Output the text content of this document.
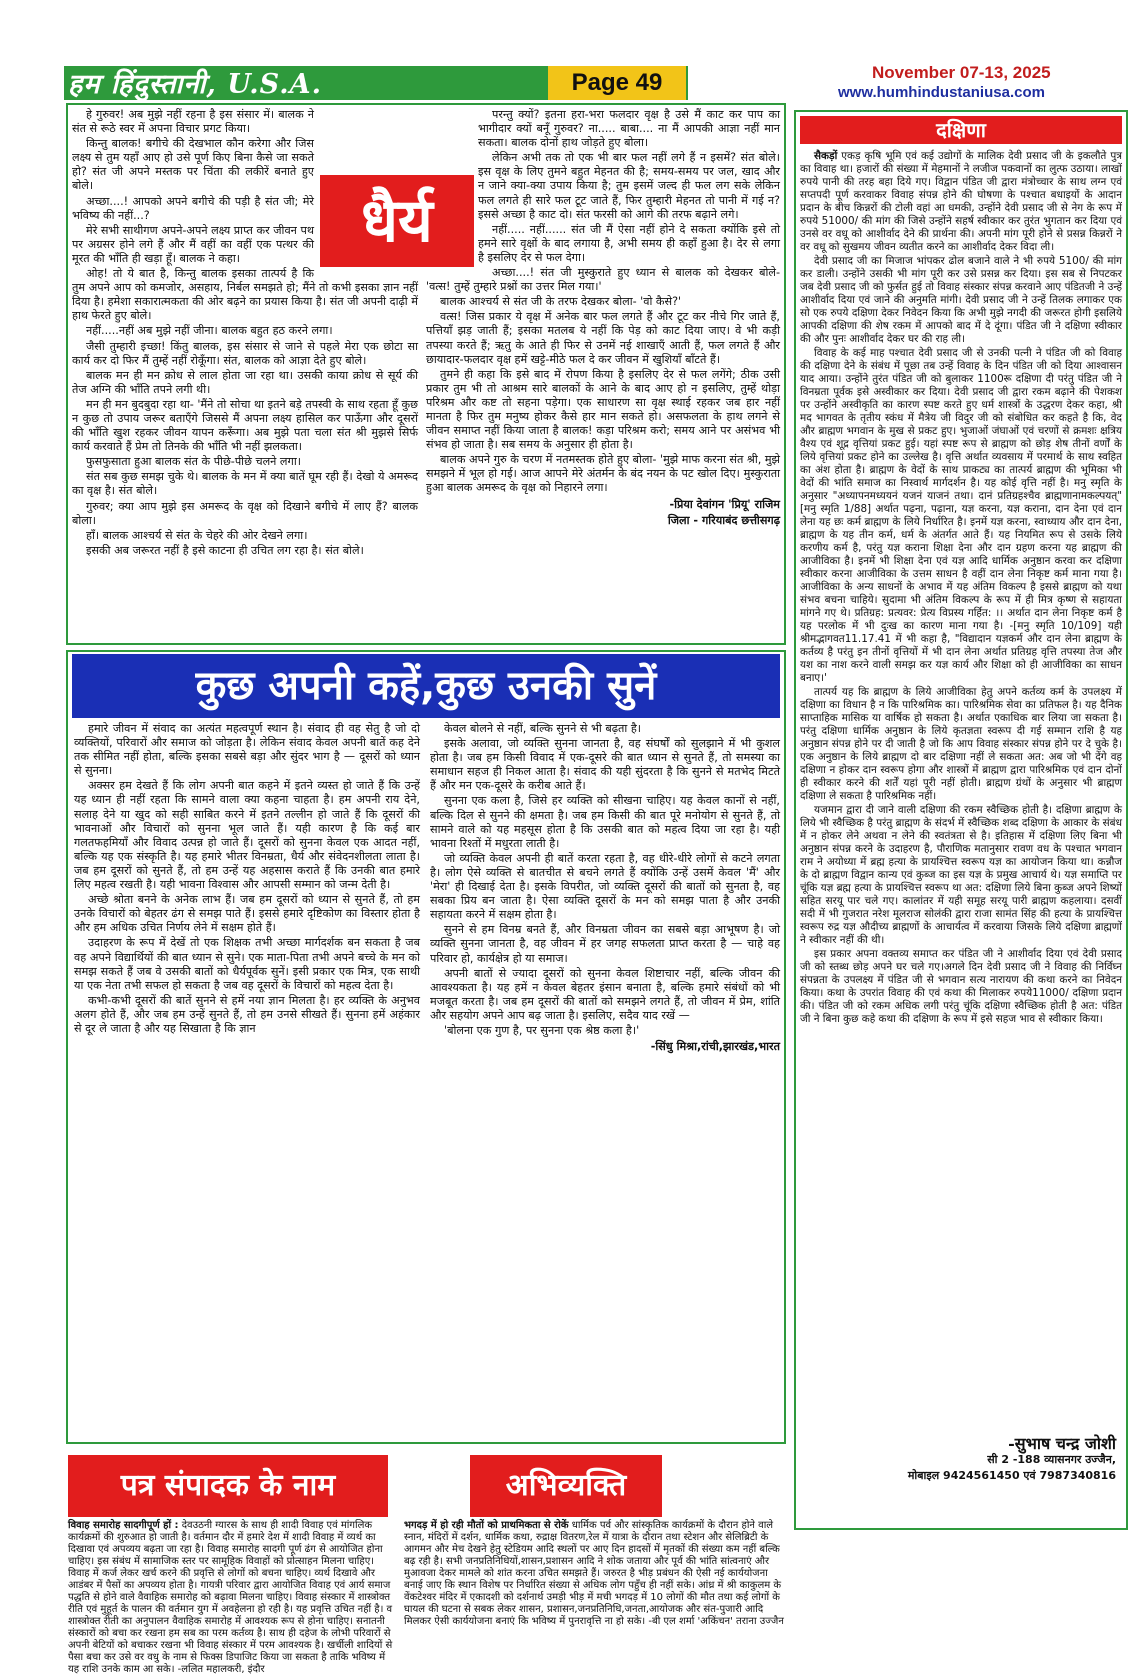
हम हिंदुस्तानी, U.S.A.	Page 49	November 07-13, 2025
www.humhindustaniusa.com
धैर्य

हे गुरुवर! अब मुझे नहीं रहना है इस संसार में। बालक ने संत से रूठे स्वर में अपना विचार प्रगट किया।

किन्तु बालक! बगीचे की देखभाल कौन करेगा और जिस लक्ष्य से तुम यहाँ आए हो उसे पूर्ण किए बिना कैसे जा सकते हो? संत जी अपने मस्तक पर चिंता की लकीरें बनाते हुए बोले।

अच्छा....! आपको अपने बगीचे की पड़ी है संत जी; मेरे भविष्य की नहीं...?

मेरे सभी साथीगण अपने-अपने लक्ष्य प्राप्त कर जीवन पथ पर अग्रसर होने लगे हैं और मैं वहीं का वहीं एक पत्थर की मूरत की भाँति ही खड़ा हूँ। बालक ने कहा।

ओह! तो ये बात है, किन्तु बालक इसका तात्पर्य है कि तुम अपने आप को कमजोर, असहाय, निर्बल समझते हो; मैंने तो कभी इसका ज्ञान नहीं दिया है। हमेशा सकारात्मकता की ओर बढ़ने का प्रयास किया है। संत जी अपनी दाढ़ी में हाथ फेरते हुए बोले।

नहीं.....नहीं अब मुझे नहीं जीना। बालक बहुत हठ करने लगा।

जैसी तुम्हारी इच्छा! किंतु बालक, इस संसार से जाने से पहले मेरा एक छोटा सा कार्य कर दो फिर मैं तुम्हें नहीं रोकूँगा। संत, बालक को आज्ञा देते हुए बोले।

बालक मन ही मन क्रोध से लाल होता जा रहा था। उसकी काया क्रोध से सूर्य की तेज अग्नि की भाँति तपने लगी थी।

मन ही मन बुदबुदा रहा था- 'मैंने तो सोचा था इतने बड़े तपस्वी के साथ रहता हूँ कुछ न कुछ तो उपाय जरूर बताएँगे जिससे मैं अपना लक्ष्य हासिल कर पाऊँगा और दूसरों की भाँति खुश रहकर जीवन यापन करूँगा। अब मुझे पता चला संत श्री मुझसे सिर्फ कार्य करवाते हैं प्रेम तो तिनके की भाँति भी नहीं झलकता।

फुसफुसाता हुआ बालक संत के पीछे-पीछे चलने लगा।

संत सब कुछ समझ चुके थे। बालक के मन में क्या बातें घूम रही हैं। देखो ये अमरूद का वृक्ष है। संत बोले।

गुरुवर; क्या आप मुझे इस अमरूद के वृक्ष को दिखाने बगीचे में लाए हैं? बालक बोला।

हाँ। बालक आश्चर्य से संत के चेहरे की ओर देखने लगा।

इसकी अब जरूरत नहीं है इसे काटना ही उचित लग रहा है। संत बोले।

परन्तु क्यों? इतना हरा-भरा फलदार वृक्ष है उसे मैं काट कर पाप का भागीदार क्यों बनूँ गुरुवर? ना..... बाबा.... ना मैं आपकी आज्ञा नहीं मान सकता। बालक दोनों हाथ जोड़ते हुए बोला।

लेकिन अभी तक तो एक भी बार फल नहीं लगे हैं न इसमें? संत बोले। इस वृक्ष के लिए तुमने बहुत मेहनत की है; समय-समय पर जल, खाद और न जाने क्या-क्या उपाय किया है; तुम इसमें जल्द ही फल लग सके लेकिन फल लगते ही सारे फल टूट जाते हैं, फिर तुम्हारी मेहनत तो पानी में गई न? इससे अच्छा है काट दो। संत फरसी को आगे की तरफ बढ़ाने लगे।

नहीं..... नहीं...... संत जी मैं ऐसा नहीं होने दे सकता क्योंकि इसे तो हमने सारे वृक्षों के बाद लगाया है, अभी समय ही कहाँ हुआ है। देर से लगा है इसलिए देर से फल देगा।

अच्छा....! संत जी मुस्कुराते हुए ध्यान से बालक को देखकर बोले- 'वत्स! तुम्हें तुम्हारे प्रश्नों का उत्तर मिल गया।'

बालक आश्चर्य से संत जी के तरफ देखकर बोला- 'वो कैसे?'

वत्स! जिस प्रकार ये वृक्ष में अनेक बार फल लगते हैं और टूट कर नीचे गिर जाते हैं, पत्तियाँ झड़ जाती हैं; इसका मतलब ये नहीं कि पेड़ को काट दिया जाए। वे भी कड़ी तपस्या करते हैं; ऋतु के आते ही फिर से उनमें नई शाखाएँ आती हैं, फल लगते हैं और छायादार-फलदार वृक्ष हमें खट्टे-मीठे फल दे कर जीवन में खुशियाँ बाँटते हैं।

तुमने ही कहा कि इसे बाद में रोपण किया है इसलिए देर से फल लगेंगे; ठीक उसी प्रकार तुम भी तो आश्रम सारे बालकों के आने के बाद आए हो न इसलिए, तुम्हें थोड़ा परिश्रम और कष्ट तो सहना पड़ेगा। एक साधारण सा वृक्ष स्थाई रहकर जब हार नहीं मानता है फिर तुम मनुष्य होकर कैसे हार मान सकते हो। असफलता के हाथ लगने से जीवन समाप्त नहीं किया जाता है बालक! कड़ा परिश्रम करो; समय आने पर असंभव भी संभव हो जाता है। सब समय के अनुसार ही होता है।

बालक अपने गुरु के चरण में नतमस्तक होते हुए बोला- 'मुझे माफ करना संत श्री, मुझे समझने में भूल हो गई। आज आपने मेरे अंतर्मन के बंद नयन के पट खोल दिए। मुस्कुराता हुआ बालक अमरूद के वृक्ष को निहारने लगा।

-प्रिया देवांगन 'प्रियू' राजिम
जिला - गरियाबंद छत्तीसगढ़
कुछ अपनी कहें,कुछ उनकी सुनें

हमारे जीवन में संवाद का अत्यंत महत्वपूर्ण स्थान है। संवाद ही वह सेतु है जो दो व्यक्तियों, परिवारों और समाज को जोड़ता है। लेकिन संवाद केवल अपनी बातें कह देने तक सीमित नहीं होता, बल्कि इसका सबसे बड़ा और सुंदर भाग है — दूसरों को ध्यान से सुनना।

अक्सर हम देखते हैं कि लोग अपनी बात कहने में इतने व्यस्त हो जाते हैं कि उन्हें यह ध्यान ही नहीं रहता कि सामने वाला क्या कहना चाहता है। हम अपनी राय देने, सलाह देने या खुद को सही साबित करने में इतने तल्लीन हो जाते हैं कि दूसरों की भावनाओं और विचारों को सुनना भूल जाते हैं। यही कारण है कि कई बार गलतफहमियाँ और विवाद उत्पन्न हो जाते हैं। दूसरों को सुनना केवल एक आदत नहीं, बल्कि यह एक संस्कृति है। यह हमारे भीतर विनम्रता, धैर्य और संवेदनशीलता लाता है। जब हम दूसरों को सुनते हैं, तो हम उन्हें यह अहसास कराते हैं कि उनकी बात हमारे लिए महत्व रखती है। यही भावना विश्वास और आपसी सम्मान को जन्म देती है।

अच्छे श्रोता बनने के अनेक लाभ हैं। जब हम दूसरों को ध्यान से सुनते हैं, तो हम उनके विचारों को बेहतर ढंग से समझ पाते हैं। इससे हमारे दृष्टिकोण का विस्तार होता है और हम अधिक उचित निर्णय लेने में सक्षम होते हैं।

उदाहरण के रूप में देखें तो एक शिक्षक तभी अच्छा मार्गदर्शक बन सकता है जब वह अपने विद्यार्थियों की बात ध्यान से सुने। एक माता-पिता तभी अपने बच्चे के मन को समझ सकते हैं जब वे उसकी बातों को धैर्यपूर्वक सुनें। इसी प्रकार एक मित्र, एक साथी या एक नेता तभी सफल हो सकता है जब वह दूसरों के विचारों को महत्व देता है।

कभी-कभी दूसरों की बातें सुनने से हमें नया ज्ञान मिलता है। हर व्यक्ति के अनुभव अलग होते हैं, और जब हम उन्हें सुनते हैं, तो हम उनसे सीखते हैं। सुनना हमें अहंकार से दूर ले जाता है और यह सिखाता है कि ज्ञान

केवल बोलने से नहीं, बल्कि सुनने से भी बढ़ता है।

इसके अलावा, जो व्यक्ति सुनना जानता है, वह संघर्षों को सुलझाने में भी कुशल होता है। जब हम किसी विवाद में एक-दूसरे की बात ध्यान से सुनते हैं, तो समस्या का समाधान सहज ही निकल आता है। संवाद की यही सुंदरता है कि सुनने से मतभेद मिटते हैं और मन एक-दूसरे के करीब आते हैं।

सुनना एक कला है, जिसे हर व्यक्ति को सीखना चाहिए। यह केवल कानों से नहीं, बल्कि दिल से सुनने की क्षमता है। जब हम किसी की बात पूरे मनोयोग से सुनते हैं, तो सामने वाले को यह महसूस होता है कि उसकी बात को महत्व दिया जा रहा है। यही भावना रिश्तों में मधुरता लाती है।

जो व्यक्ति केवल अपनी ही बातें करता रहता है, वह धीरे-धीरे लोगों से कटने लगता है। लोग ऐसे व्यक्ति से बातचीत से बचने लगते हैं क्योंकि उन्हें उसमें केवल 'मैं' और 'मेरा' ही दिखाई देता है। इसके विपरीत, जो व्यक्ति दूसरों की बातों को सुनता है, वह सबका प्रिय बन जाता है। ऐसा व्यक्ति दूसरों के मन को समझ पाता है और उनकी सहायता करने में सक्षम होता है।

सुनने से हम विनम्र बनते हैं, और विनम्रता जीवन का सबसे बड़ा आभूषण है। जो व्यक्ति सुनना जानता है, वह जीवन में हर जगह सफलता प्राप्त करता है — चाहे वह परिवार हो, कार्यक्षेत्र हो या समाज।

अपनी बातों से ज्यादा दूसरों को सुनना केवल शिष्टाचार नहीं, बल्कि जीवन की आवश्यकता है। यह हमें न केवल बेहतर इंसान बनाता है, बल्कि हमारे संबंधों को भी मजबूत करता है। जब हम दूसरों की बातों को समझने लगते हैं, तो जीवन में प्रेम, शांति और सहयोग अपने आप बढ़ जाता है। इसलिए, सदैव याद रखें —

'बोलना एक गुण है, पर सुनना एक श्रेष्ठ कला है।'

-सिंधु मिश्रा,रांची,झारखंड,भारत
पत्र संपादक के नाम	अभिव्यक्ति
दक्षिणा

सैकड़ों एकड़ कृषि भूमि एवं कई उद्योगों के मालिक देवी प्रसाद जी के इकलौते पुत्र का विवाह था। हजारों की संख्या में मेहमानों ने लजीज पकवानों का लुत्फ उठाया। लाखों रुपये पानी की तरह बहा दिये गए। विद्वान पंडित जी द्वारा मंत्रोच्चार के साथ लग्न एवं सप्तपदी पूर्ण करवाकर विवाह संपन्न होने की घोषणा के पश्चात बधाइयों के आदान प्रदान के बीच किन्नरों की टोली वहां आ धमकी, उन्होंने देवी प्रसाद जी से नेग के रूप में रुपये 51000/ की मांग की जिसे उन्होंने सहर्ष स्वीकार कर तुरंत भुगतान कर दिया एवं उनसे वर वधू को आशीर्वाद देने की प्रार्थना की। अपनी मांग पूरी होने से प्रसन्न किन्नरों ने वर वधू को सुखमय जीवन व्यतीत करने का आशीर्वाद देकर विदा ली।

देवी प्रसाद जी का मिजाज भांपकर ढोल बजाने वाले ने भी रुपये 5100/ की मांग कर डाली। उन्होंने उसकी भी मांग पूरी कर उसे प्रसन्न कर दिया। इस सब से निपटकर जब देवी प्रसाद जी को फुर्सत हुई तो विवाह संस्कार संपन्न करवाने आए पंडितजी ने उन्हें आशीर्वाद दिया एवं जाने की अनुमति मांगी। देवी प्रसाद जी ने उन्हें तिलक लगाकर एक सो एक रुपये दक्षिणा देकर निवेदन किया कि अभी मुझे नगदी की जरूरत होगी इसलिये आपकी दक्षिणा की शेष रकम में आपको बाद में दे दूंगा। पंडित जी ने दक्षिणा स्वीकार की और पुनः आशीर्वाद देकर घर की राह ली।

विवाह के कई माह पश्चात देवी प्रसाद जी से उनकी पत्नी ने पंडित जी को विवाह की दक्षिणा देने के संबंध में पूछा तब उन्हें विवाह के दिन पंडित जी को दिया आश्वासन याद आया। उन्होंने तुरंत पंडित जी को बुलाकर 1100रू दक्षिणा दी परंतु पंडित जी ने विनम्रता पूर्वक इसे अस्वीकार कर दिया। देवी प्रसाद जी द्वारा रकम बढ़ाने की पेशकश पर उन्होंने अस्वीकृति का कारण स्पष्ट करते हुए धर्म शास्त्रों के उद्धरण देकर कहा, श्री मद भागवत के तृतीय स्कंध में मैत्रेय जी विदुर जी को संबोधित कर कहते है कि, वेद और ब्राह्मण भगवान के मुख से प्रकट हुए। भुजाओं जंघाओं एवं चरणों से क्रमशः क्षत्रिय वैश्य एवं शूद्र वृत्तियां प्रकट हुई। यहां स्पष्ट रूप से ब्राह्मण को छोड़ शेष तीनों वर्णों के लिये वृत्तियां प्रकट होने का उल्लेख है। वृत्ति अर्थात व्यवसाय में परमार्थ के साथ स्वहित का अंश होता है। ब्राह्मण के वेदों के साथ प्राकट्य का तात्पर्य ब्राह्मण की भूमिका भी वेदों की भांति समाज का निस्वार्थ मार्गदर्शन है। यह कोई वृत्ति नहीं है। मनु स्मृति के अनुसार "अध्यापनमध्ययनं यजनं याजनं तथा। दानं प्रतिग्रहश्चैव ब्राह्मणानामकल्पयत्" [मनु स्मृति 1/88] अर्थात पढ़ना, पढ़ाना, यज्ञ करना, यज्ञ कराना, दान देना एवं दान लेना यह छः कर्म ब्राह्मण के लिये निर्धारित है। इनमें यज्ञ करना, स्वाध्याय और दान देना, ब्राह्मण के यह तीन कर्म, धर्म के अंतर्गत आते हैं। यह नियमित रूप से उसके लिये करणीय कर्म है, परंतु यज्ञ कराना शिक्षा देना और दान ग्रहण करना यह ब्राह्मण की आजीविका है। इनमें भी शिक्षा देना एवं यज्ञ आदि धार्मिक अनुष्ठान करवा कर दक्षिणा स्वीकार करना आजीविका के उत्तम साधन है वहीं दान लेना निकृष्ट कर्म माना गया है। आजीविका के अन्य साधनों के अभाव में यह अंतिम विकल्प है इससे ब्राह्मण को यथा संभव बचना चाहिये। सुदामा भी अंतिम विकल्प के रूप में ही मित्र कृष्ण से सहायता मांगने गए थे। प्रतिग्रह: प्रत्यवर: प्रेत्य विप्रस्य गर्हित: ।। अर्थात दान लेना निकृष्ट कर्म है यह परलोक में भी दुःख का कारण माना गया है। -[मनु स्मृति 10/109] यही श्रीमद्भागवत11.17.41 में भी कहा है, "विद्यादान यज्ञकर्म और दान लेना ब्राह्मण के कर्तव्य है परंतु इन तीनों वृत्तियों में भी दान लेना अर्थात प्रतिग्रह वृत्ति तपस्या तेज और यश का नाश करने वाली समझ कर यज्ञ कार्य और शिक्षा को ही आजीविका का साधन बनाए।'

तात्पर्य यह कि ब्राह्मण के लिये आजीविका हेतु अपने कर्तव्य कर्म के उपलक्ष्य में दक्षिणा का विधान है न कि पारिश्रमिक का। पारिश्रमिक सेवा का प्रतिफल है। यह दैनिक साप्ताहिक मासिक या वार्षिक हो सकता है। अर्थात एकाधिक बार लिया जा सकता है। परंतु दक्षिणा धार्मिक अनुष्ठान के लिये कृतज्ञता स्वरूप दी गई सम्मान राशि है यह अनुष्ठान संपन्न होने पर दी जाती है जो कि आप विवाह संस्कार संपन्न होने पर दे चुके है। एक अनुष्ठान के लिये ब्राह्मण दो बार दक्षिणा नहीं ले सकता अत: अब जो भी देंगे वह दक्षिणा न होकर दान स्वरूप होगा और शास्त्रों में ब्राह्मण द्वारा पारिश्रमिक एवं दान दोनों ही स्वीकार करने की शर्तें यहां पूरी नहीं होती। ब्राह्मण ग्रंथों के अनुसार भी ब्राह्मण दक्षिणा ले सकता है पारिश्रमिक नहीं।

यजमान द्वारा दी जाने वाली दक्षिणा की रकम स्वैच्छिक होती है। दक्षिणा ब्राह्मण के लिये भी स्वैच्छिक है परंतु ब्राह्मण के संदर्भ में स्वैच्छिक शब्द दक्षिणा के आकार के संबंध में न होकर लेने अथवा न लेने की स्वतंत्रता से है। इतिहास में दक्षिणा लिए बिना भी अनुष्ठान संपन्न करने के उदाहरण है, पौराणिक मतानुसार रावण वध के पश्चात भगवान राम ने अयोध्या में ब्रह्म हत्या के प्रायश्चित्त स्वरूप यज्ञ का आयोजन किया था। कन्नौज के दो ब्राह्मण विद्वान कान्य एवं कुब्ज का इस यज्ञ के प्रमुख आचार्य थे। यज्ञ समाप्ति पर चूंकि यज्ञ ब्रह्म हत्या के प्रायश्चित्त स्वरूप था अत: दक्षिणा लिये बिना कुब्ज अपने शिष्यों सहित सरयू पार चले गए। कालांतर में यही समूह सरयू पारी ब्राह्मण कहलाया। दसवीं सदी में भी गुजरात नरेश मूलराज सोलंकी द्वारा राजा सामंत सिंह की हत्या के प्रायश्चित्त स्वरूप रुद्र यज्ञ औदीच्य ब्राह्मणों के आचार्यत्व में करवाया जिसके लिये दक्षिणा ब्राह्मणों ने स्वीकार नहीं की थी।

इस प्रकार अपना वक्तव्य समाप्त कर पंडित जी ने आशीर्वाद दिया एवं देवी प्रसाद जी को स्तब्ध छोड़ अपने घर चले गए।अगले दिन देवी प्रसाद जी ने विवाह की निर्विघ्न संपन्नता के उपलक्ष्य में पंडित जी से भगवान सत्य नारायण की कथा करने का निवेदन किया। कथा के उपरांत विवाह की एवं कथा की मिलाकर रुपये11000/ दक्षिणा प्रदान की। पंडित जी को रकम अधिक लगी परंतु चूंकि दक्षिणा स्वैच्छिक होती है अत: पंडित जी ने बिना कुछ कहे कथा की दक्षिणा के रूप में इसे सहज भाव से स्वीकार किया।

-सुभाष चन्द्र जोशी
सी 2 -188 व्यासनगर उज्जैन,
मोबाइल 9424561450 एवं 7987340816
विवाह समारोह सादगीपूर्ण हों : देवउठनी ग्यारस के साथ ही शादी विवाह एवं मांगलिक कार्यक्रमों की शुरुआत हो जाती है। वर्तमान दौर में हमारे देश में शादी विवाह में व्यर्थ का दिखावा एवं अपव्यय बढ़ता जा रहा है। विवाह समारोह सादगी पूर्ण ढंग से आयोजित होना चाहिए। इस संबंध में सामाजिक स्तर पर सामूहिक विवाहों को प्रोत्साहन मिलना चाहिए। विवाह में कर्ज लेकर खर्च करने की प्रवृत्ति से लोगों को बचना चाहिए। व्यर्थ दिखावे और आडंबर में पैसों का अपव्यय होता है। गायत्री परिवार द्वारा आयोजित विवाह एवं आर्य समाज पद्धति से होने वाले वैवाहिक समारोह को बढ़ावा मिलना चाहिए। विवाह संस्कार में शास्त्रोक्त रीति एवं मुहूर्त के पालन की वर्तमान युग में अवहेलना हो रही है। यह प्रवृत्ति उचित नहीं है। व शास्त्रोक्त रीती का अनुपालन वैवाहिक समारोह में आवश्यक रूप से होना चाहिए। सनातनी संस्कारों को बचा कर रखना हम सब का परम कर्तव्य है। साथ ही दहेज के लोभी परिवारों से अपनी बेटियों को बचाकर रखना भी विवाह संस्कार में परम आवश्यक है। खर्चीली शादियों से पैसा बचा कर उसे वर वधु के नाम से फिक्स डिपाजिट किया जा सकता है ताकि भविष्य में यह राशि उनके काम आ सके। -ललित महालकरी, इंदौर
भगदड़ में हो रही मौतों को प्राथमिकता से रोकें धार्मिक पर्व और सांस्कृतिक कार्यक्रमों के दौरान होने वाले स्नान, मंदिरों में दर्शन, धार्मिक कथा, रुद्राक्ष वितरण,रेल में यात्रा के दौरान तथा स्टेशन और सेलिब्रिटी के आगमन और मेच देखने हेतु स्टेडियम आदि स्थलों पर आए दिन हादसों में मृतकों की संख्या कम नहीं बल्कि बढ़ रही है। सभी जनप्रतिनिधियों,शासन,प्रशासन आदि ने शोक जताया और पूर्व की भांति सांत्वनाएं और मुआवजा देकर मामले को शांत करना उचित समझते हैं। जरुरत है भीड़ प्रबंधन की ऐसी नई कार्ययोजना बनाई जाए कि स्थान विशेष पर निर्धारित संख्या से अधिक लोग पहुँच ही नहीं सके। आंध्र में श्री काकुलम के वेंकटेश्वर मंदिर में एकादशी को दर्शनार्थ उमड़ी भीड़ में मची भगदड़ में 10 लोगों की मौत तथा कई लोगों के घायल की घटना से सबक लेकर शासन, प्रशासन,जनप्रतिनिधि,जनता,आयोजक और संत-पुजारी आदि मिलकर ऐसी कार्ययोजना बनाएं कि भविष्य में पुनरावृत्ति ना हो सके। -बी एल शर्मा 'अकिंचन' तराना उज्जैन
